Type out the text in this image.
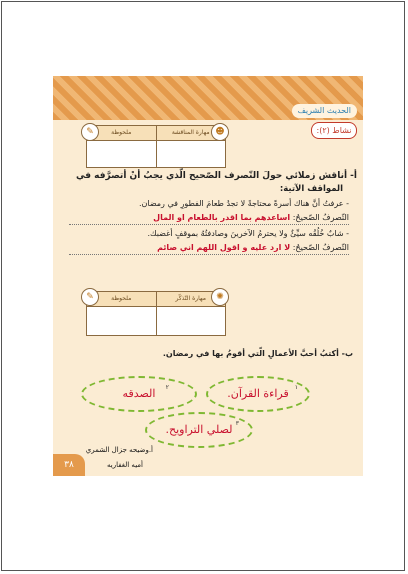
الحديث الشريف
نشاط (٢):
مهارة المناقشة
ملحوظة
✎	☻
أ- أناقش زملائي حولَ التّصرف الصّحيح الّذي يجبُ أنْ أتصرَّفه في
المواقف الآتية:
- عرفتُ أنَّ هناك أسرةً محتاجةً لا تجدُ طعامَ الفطورِ في رمضان.
التّصرفُ الصّحيحُ: اساعدهم بما اقدر بالطعام او المال
- شابٌ خُلُقُه سيِّئٌ ولا يحترمُ الآخرينَ وصادفتُهُ بموقفٍ أغضبك.
التّصرفُ الصّحيحُ: لا ارد عليه و اقول اللهم اني صائم
مهارة التّذكّر
ملحوظة
✎	✺
ب- أكتبُ أحبَّ الأعمالِ الّتي أقومُ بها في رمضان.
١
قراءة القرآن.
٢
الصدقه
٣
لصلي التراويح.
٣٨
أ.وضيحه جزال الشمري
أميه الغفاريه
